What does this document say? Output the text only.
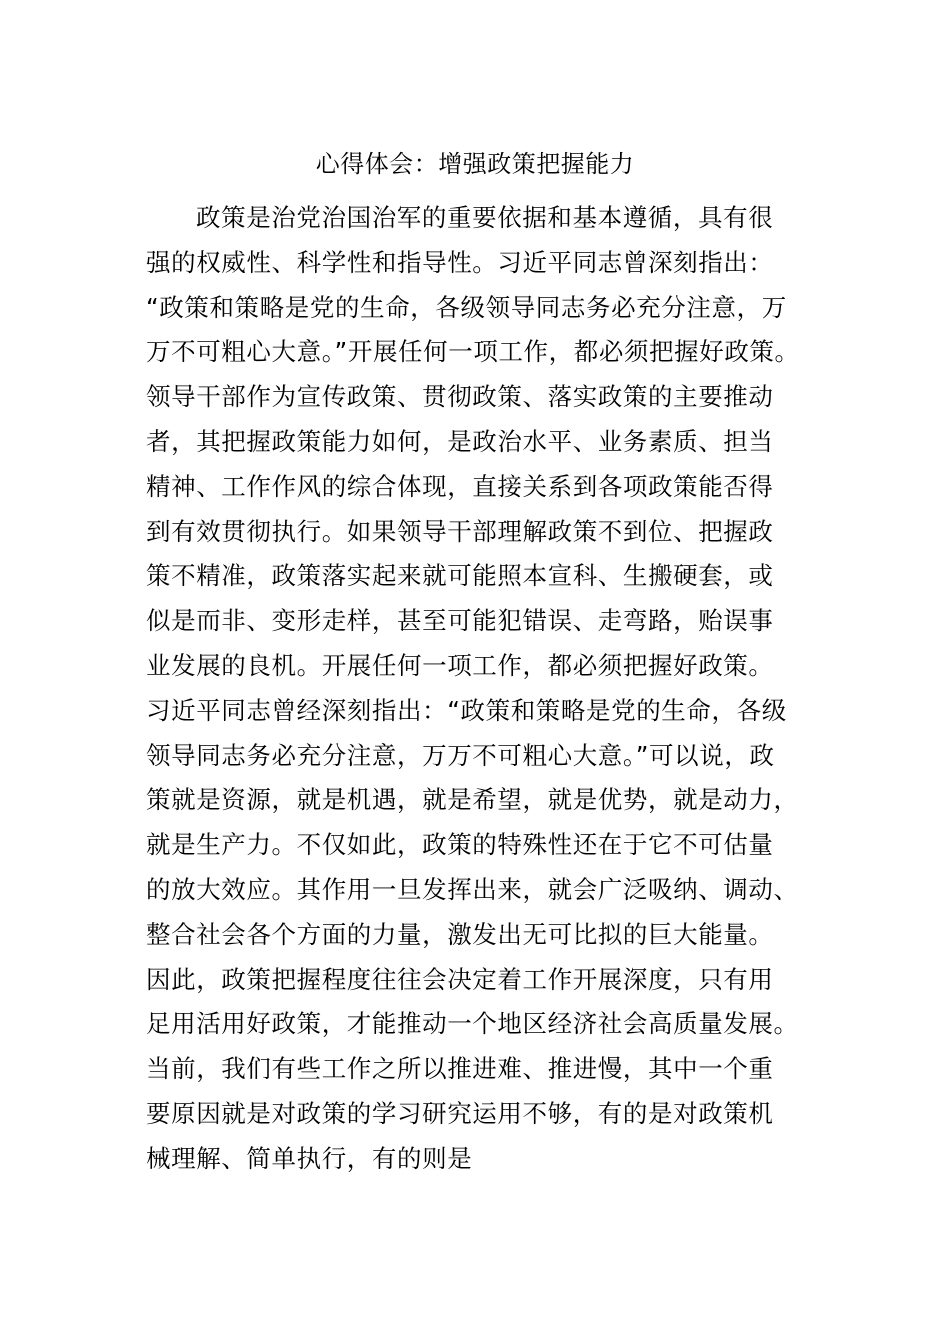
心得体会：增强政策把握能力
政策是治党治国治军的重要依据和基本遵循，具有很
强的权威性、科学性和指导性。习近平同志曾深刻指出：
“政策和策略是党的生命，各级领导同志务必充分注意，万
万不可粗心大意。”开展任何一项工作，都必须把握好政策。
领导干部作为宣传政策、贯彻政策、落实政策的主要推动
者，其把握政策能力如何，是政治水平、业务素质、担当
精神、工作作风的综合体现，直接关系到各项政策能否得
到有效贯彻执行。如果领导干部理解政策不到位、把握政
策不精准，政策落实起来就可能照本宣科、生搬硬套，或
似是而非、变形走样，甚至可能犯错误、走弯路，贻误事
业发展的良机。开展任何一项工作，都必须把握好政策。
习近平同志曾经深刻指出：“政策和策略是党的生命，各级
领导同志务必充分注意，万万不可粗心大意。”可以说，政
策就是资源，就是机遇，就是希望，就是优势，就是动力，
就是生产力。不仅如此，政策的特殊性还在于它不可估量
的放大效应。其作用一旦发挥出来，就会广泛吸纳、调动、
整合社会各个方面的力量，激发出无可比拟的巨大能量。
因此，政策把握程度往往会决定着工作开展深度，只有用
足用活用好政策，才能推动一个地区经济社会高质量发展。
当前，我们有些工作之所以推进难、推进慢，其中一个重
要原因就是对政策的学习研究运用不够，有的是对政策机
械理解、简单执行，有的则是
